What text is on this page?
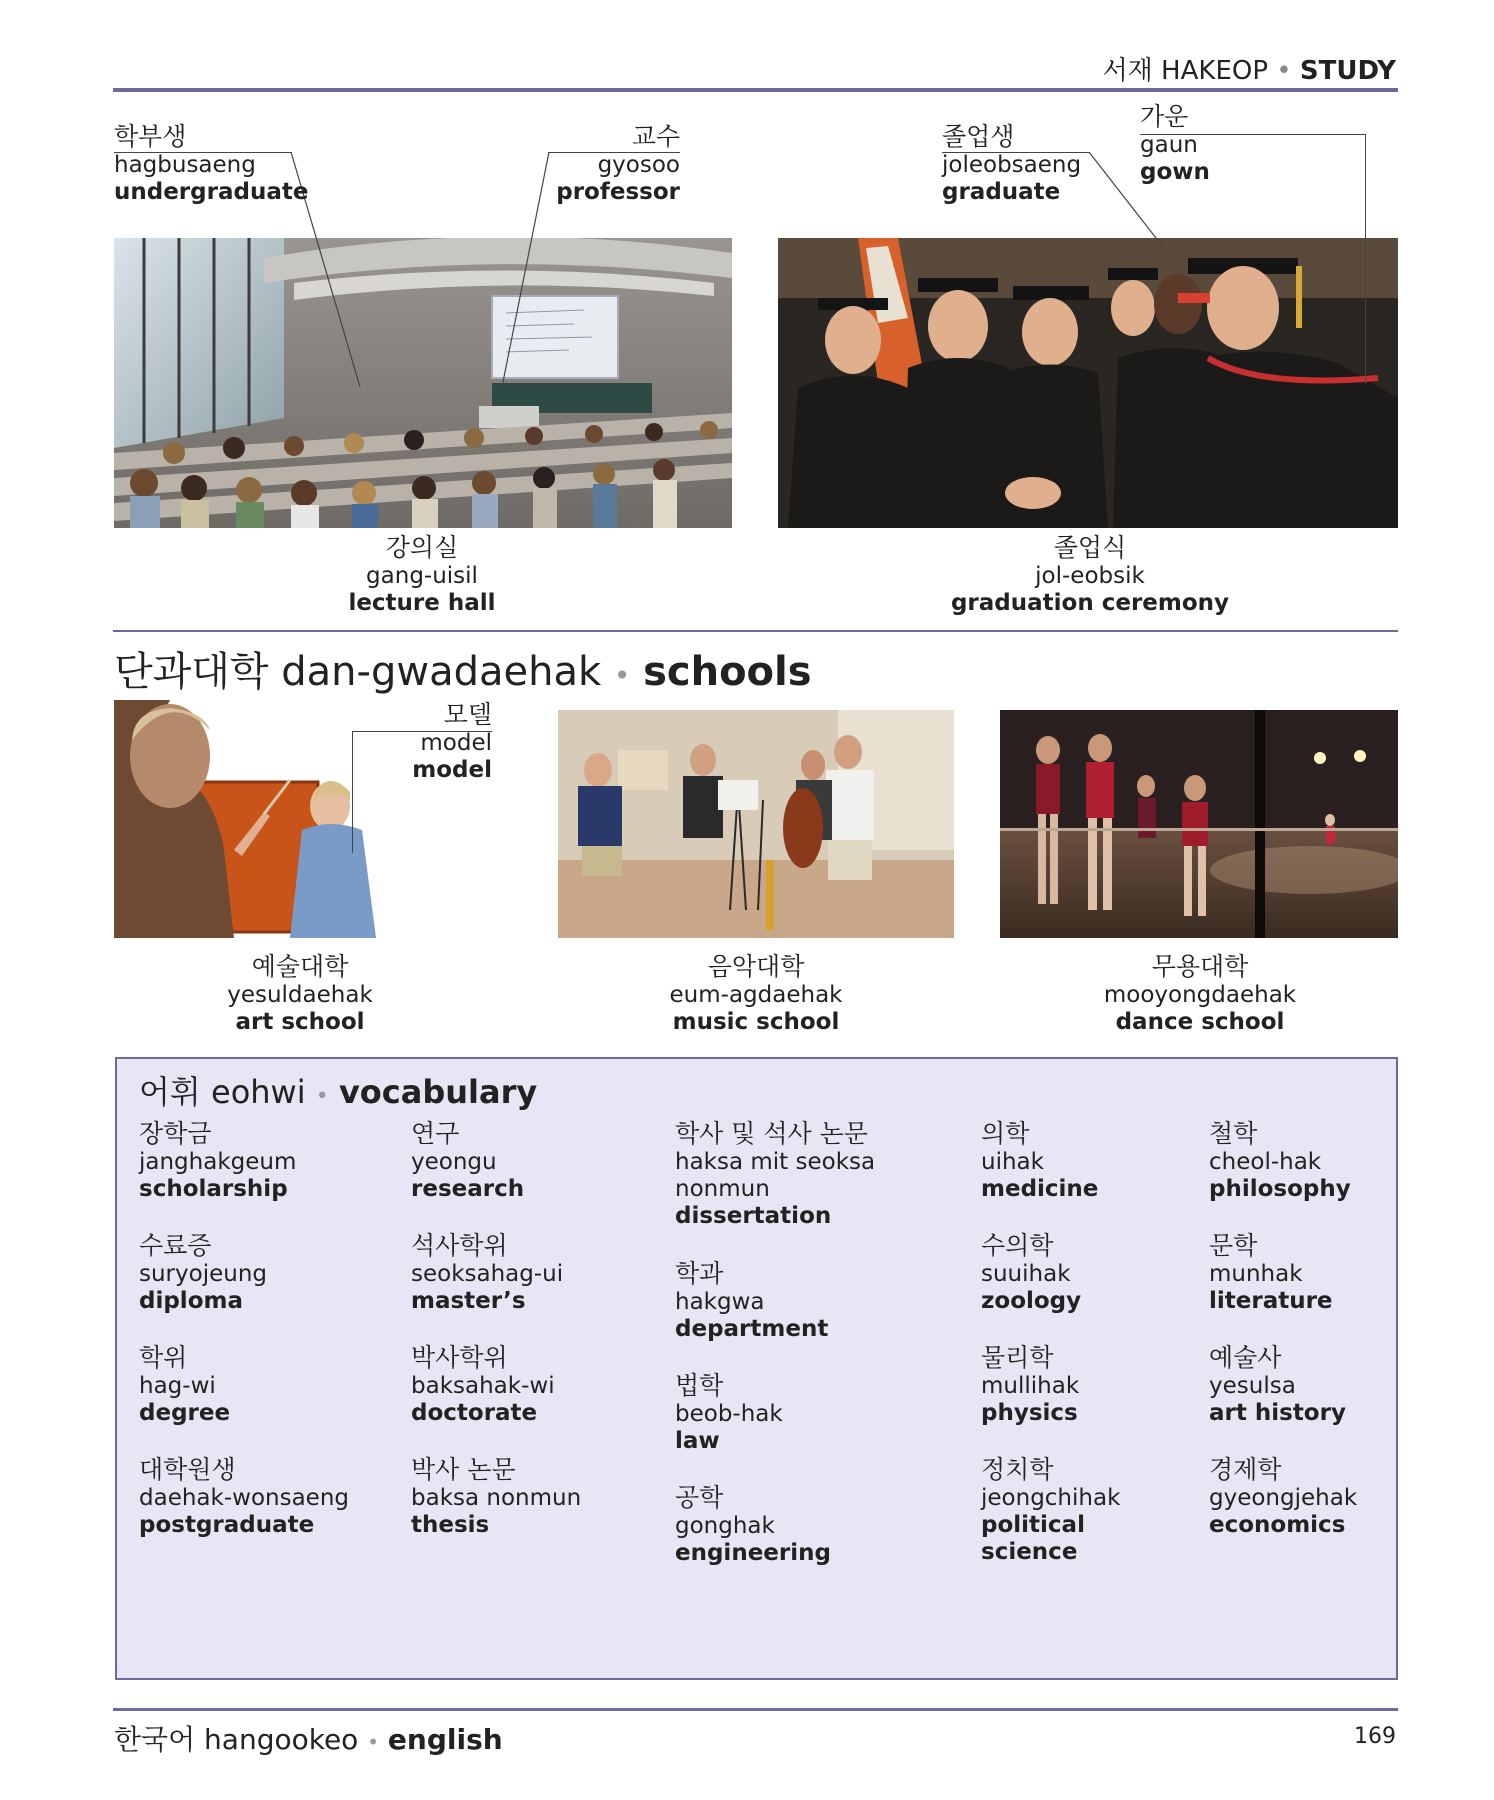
서재 HAKEOP • STUDY
학부생
hagbusaeng
undergraduate
교수
gyosoo
professor
졸업생
joleobsaeng
graduate
가운
gaun
gown
강의실
gang-uisil
lecture hall
졸업식
jol-eobsik
graduation ceremony
단과대학 dan-gwadaehak • schools
모델
model
model
예술대학
yesuldaehak
art school
음악대학
eum-agdaehak
music school
무용대학
mooyongdaehak
dance school
어휘 eohwi • vocabulary
장학금
janghakgeum
scholarship
수료증
suryojeung
diploma
학위
hag-wi
degree
대학원생
daehak-wonsaeng
postgraduate
연구
yeongu
research
석사학위
seoksahag-ui
master’s
박사학위
baksahak-wi
doctorate
박사 논문
baksa nonmun
thesis
학사 및 석사 논문
haksa mit seoksa
nonmun
dissertation
학과
hakgwa
department
법학
beob-hak
law
공학
gonghak
engineering
의학
uihak
medicine
수의학
suuihak
zoology
물리학
mullihak
physics
정치학
jeongchihak
political
science
철학
cheol-hak
philosophy
문학
munhak
literature
예술사
yesulsa
art history
경제학
gyeongjehak
economics
한국어 hangookeo • english	169
